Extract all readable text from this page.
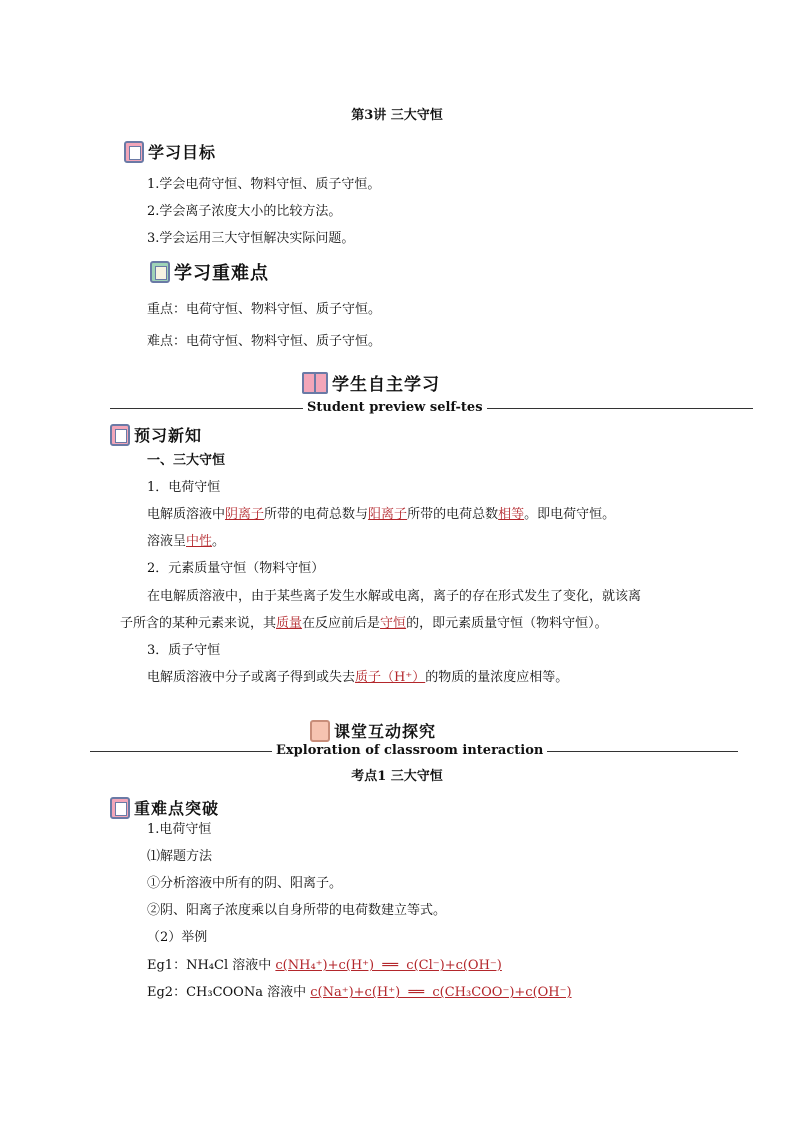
第3讲 三大守恒
学习目标
1.学会电荷守恒、物料守恒、质子守恒。
2.学会离子浓度大小的比较方法。
3.学会运用三大守恒解决实际问题。
学习重难点
重点：电荷守恒、物料守恒、质子守恒。
难点：电荷守恒、物料守恒、质子守恒。
学生自主学习
Student preview self-tes
预习新知
一、三大守恒
1．电荷守恒
电解质溶液中阴离子所带的电荷总数与阳离子所带的电荷总数相等。即电荷守恒。
溶液呈中性。
2．元素质量守恒（物料守恒）
在电解质溶液中，由于某些离子发生水解或电离，离子的存在形式发生了变化，就该离
子所含的某种元素来说，其质量在反应前后是守恒的，即元素质量守恒（物料守恒）。
3．质子守恒
电解质溶液中分子或离子得到或失去质子（H⁺）的物质的量浓度应相等。
课堂互动探究
Exploration of classroom interaction
考点1 三大守恒
重难点突破
1.电荷守恒
⑴解题方法
①分析溶液中所有的阴、阳离子。
②阴、阳离子浓度乘以自身所带的电荷数建立等式。
（2）举例
Eg1：NH₄Cl 溶液中 c(NH₄⁺)+c(H⁺)  ══  c(Cl⁻)+c(OH⁻)
Eg2：CH₃COONa 溶液中 c(Na⁺)+c(H⁺)  ══  c(CH₃COO⁻)+c(OH⁻)
